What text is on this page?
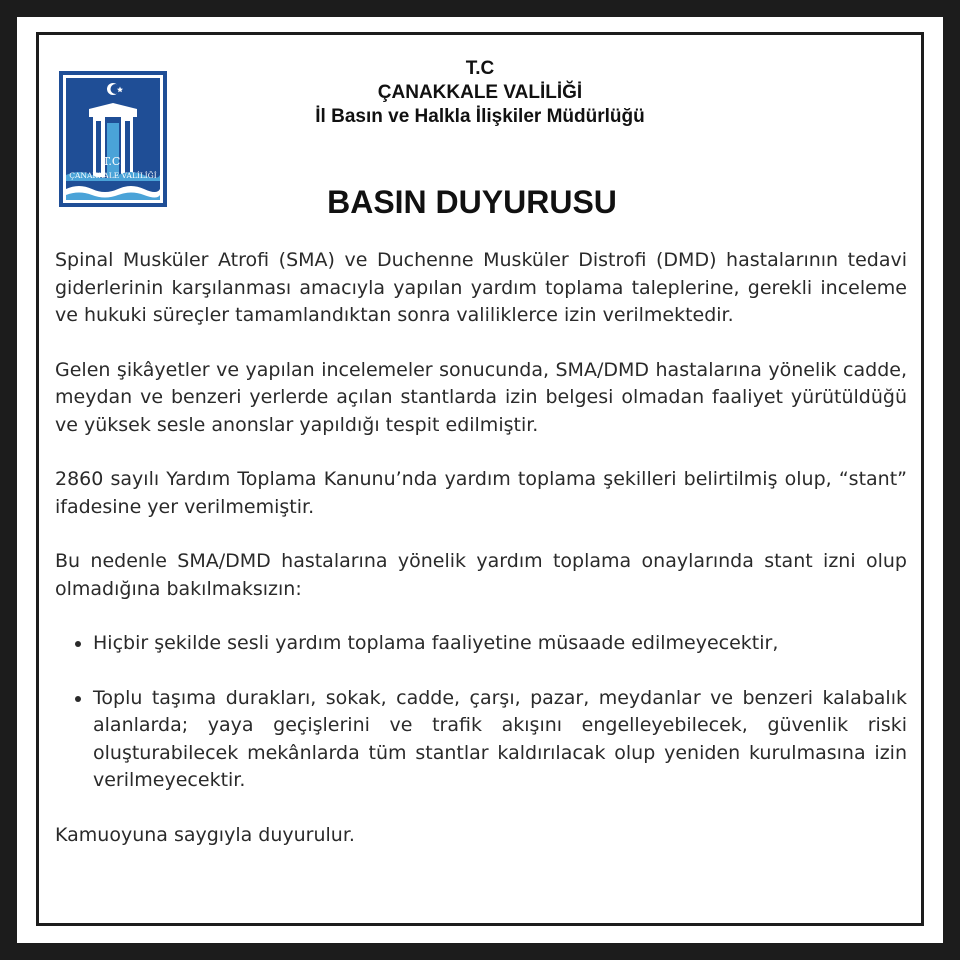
T.C.
ÇANAKKALE VALİLİĞİ
T.C
ÇANAKKALE VALİLİĞİ
İl Basın ve Halkla İlişkiler Müdürlüğü
BASIN DUYURUSU

Spinal Musküler Atrofi (SMA) ve Duchenne Musküler Distrofi (DMD) hastalarının tedavi giderlerinin karşılanması amacıyla yapılan yardım toplama taleplerine, gerekli inceleme ve hukuki süreçler tamamlandıktan sonra valiliklerce izin verilmektedir.

Gelen şikâyetler ve yapılan incelemeler sonucunda, SMA/DMD hastalarına yönelik cadde, meydan ve benzeri yerlerde açılan stantlarda izin belgesi olmadan faaliyet yürütüldüğü ve yüksek sesle anonslar yapıldığı tespit edilmiştir.

2860 sayılı Yardım Toplama Kanunu’nda yardım toplama şekilleri belirtilmiş olup, “stant” ifadesine yer verilmemiştir.

Bu nedenle SMA/DMD hastalarına yönelik yardım toplama onaylarında stant izni olup olmadığına bakılmaksızın:

• Hiçbir şekilde sesli yardım toplama faaliyetine müsaade edilmeyecektir,
• Toplu taşıma durakları, sokak, cadde, çarşı, pazar, meydanlar ve benzeri kalabalık alanlarda; yaya geçişlerini ve trafik akışını engelleyebilecek, güvenlik riski oluşturabilecek mekânlarda tüm stantlar kaldırılacak olup yeniden kurulmasına izin verilmeyecektir.

Kamuoyuna saygıyla duyurulur.
